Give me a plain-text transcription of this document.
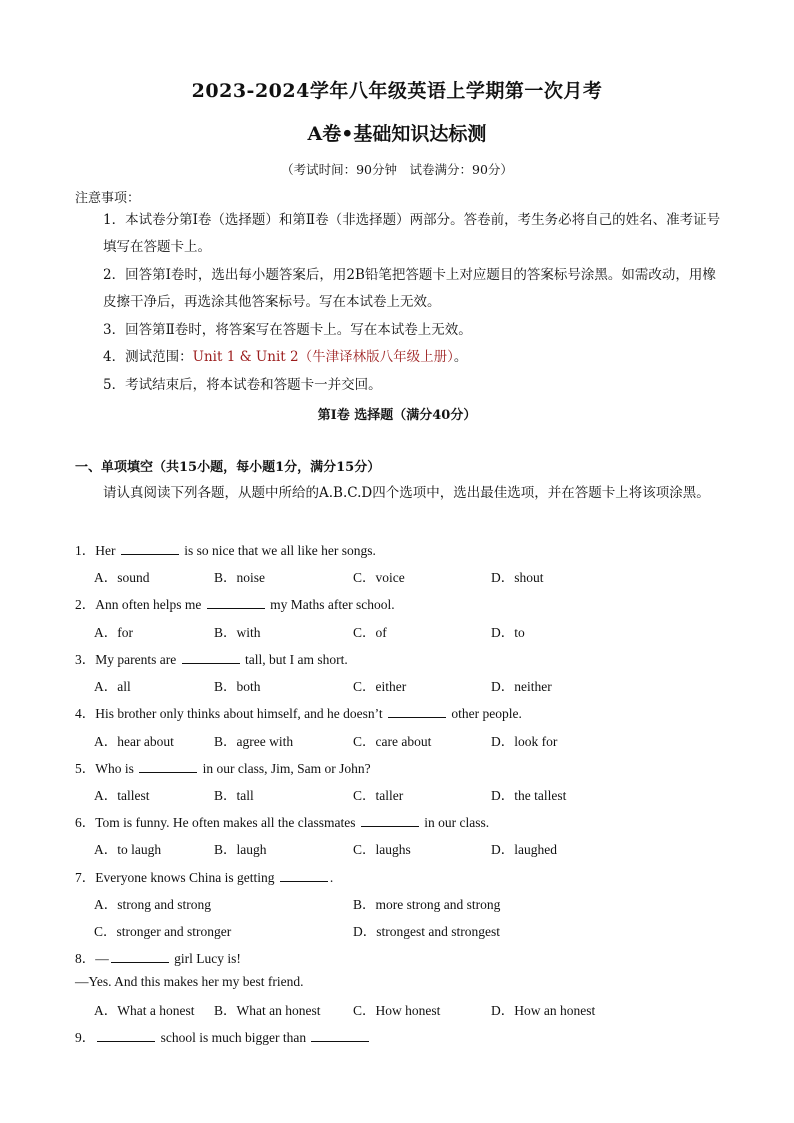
2023-2024学年八年级英语上学期第一次月考
A卷•基础知识达标测
（考试时间：90分钟　试卷满分：90分）
注意事项：
1．本试卷分第Ⅰ卷（选择题）和第Ⅱ卷（非选择题）两部分。答卷前，考生务必将自己的姓名、准考证号填写在答题卡上。
2．回答第Ⅰ卷时，选出每小题答案后，用2B铅笔把答题卡上对应题目的答案标号涂黑。如需改动，用橡皮擦干净后，再选涂其他答案标号。写在本试卷上无效。
3．回答第Ⅱ卷时，将答案写在答题卡上。写在本试卷上无效。
4．测试范围：Unit 1 & Unit 2（牛津译林版八年级上册）。
5．考试结束后，将本试卷和答题卡一并交回。
第Ⅰ卷 选择题（满分40分）
一、单项填空（共15小题，每小题1分，满分15分）
请认真阅读下列各题，从题中所给的A.B.C.D四个选项中，选出最佳选项，并在答题卡上将该项涂黑。
1．Her	is so nice that we all like her songs.
A．sound	B．noise	C．voice	D．shout
2．Ann often helps me	my Maths after school.
A．for	B．with	C．of	D．to
3．My parents are	tall, but I am short.
A．all	B．both	C．either	D．neither
4．His brother only thinks about himself, and he doesn’t	other people.
A．hear about	B．agree with	C．care about	D．look for
5．Who is	in our class, Jim, Sam or John?
A．tallest	B．tall	C．taller	D．the tallest
6．Tom is funny. He often makes all the classmates	in our class.
A．to laugh	B．laugh	C．laughs	D．laughed
7．Everyone knows China is getting	.
A．strong and strong	B．more strong and strong
C．stronger and stronger	D．strongest and strongest
8．—	girl Lucy is!
—Yes. And this makes her my best friend.
A．What a honest B．What an honest C．How honest	D．How an honest
9．	school is much bigger than
